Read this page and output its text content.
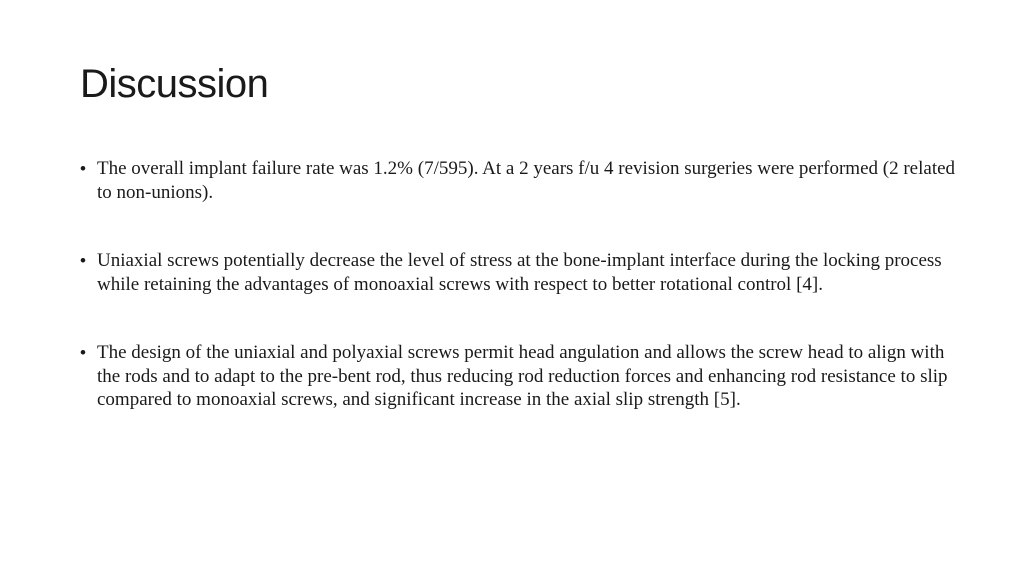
Discussion
• The overall implant failure rate was 1.2% (7/595). At a 2 years f/u 4 revision surgeries were performed (2 related to non-unions).
• Uniaxial screws potentially decrease the level of stress at the bone-implant interface during the locking process while retaining the advantages of monoaxial screws with respect to better rotational control [4].
• The design of the uniaxial and polyaxial screws permit head angulation and allows the screw head to align with the rods and to adapt to the pre-bent rod, thus reducing rod reduction forces and enhancing rod resistance to slip compared to monoaxial screws, and significant increase in the axial slip strength [5].
